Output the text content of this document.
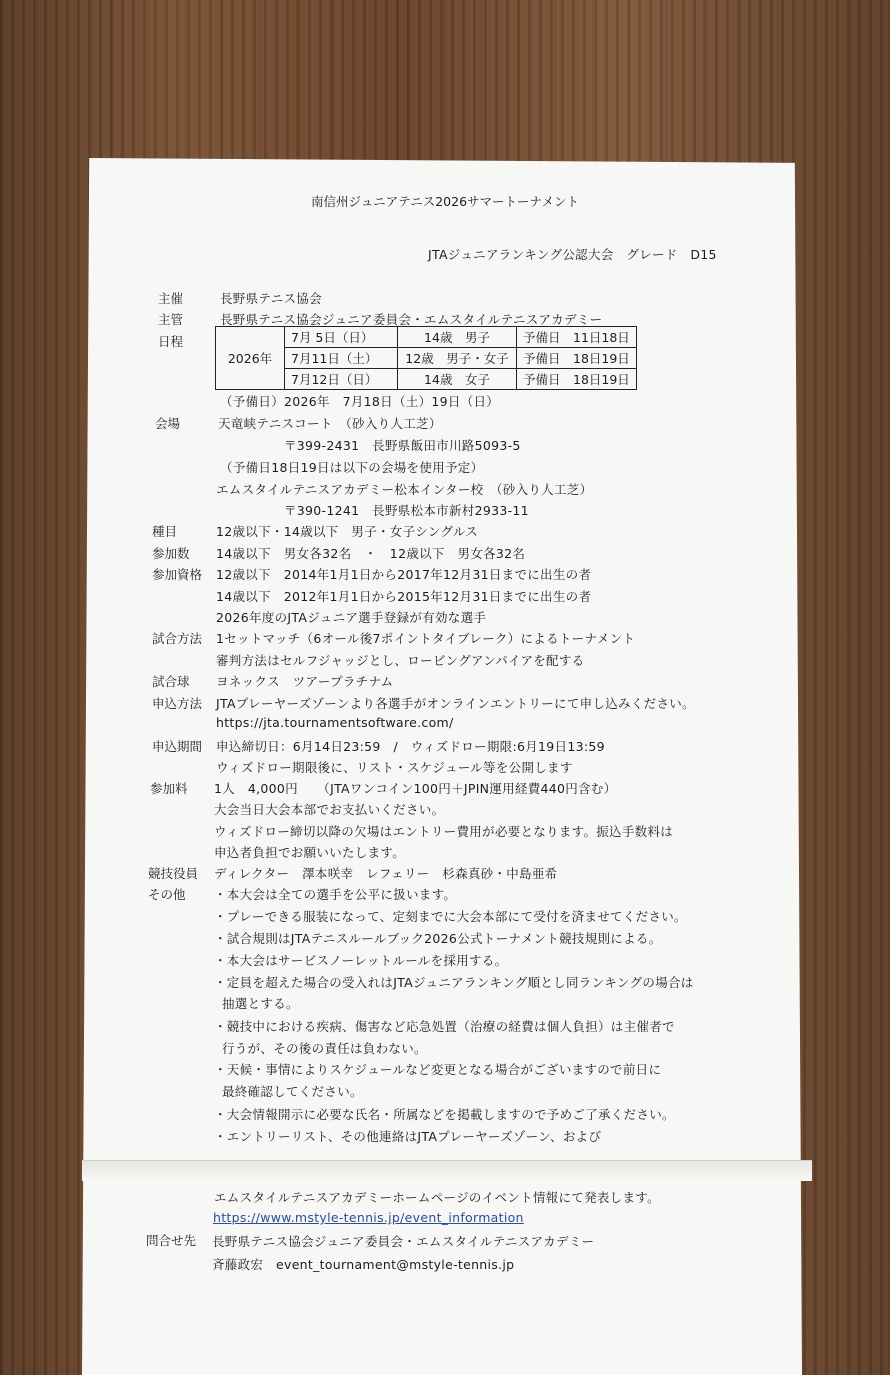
南信州ジュニアテニス2026サマートーナメント
JTAジュニアランキング公認大会　グレード　D15
主催	長野県テニス協会
主管	長野県テニス協会ジュニア委員会・エムスタイルテニスアカデミー
日程
2026年	7月 5日（日）	14歳　男子	予備日　11日18日
	7月11日（土）	12歳　男子・女子	予備日　18日19日
	7月12日（日）	14歳　女子	予備日　18日19日
（予備日）2026年　7月18日（土）19日（日）
会場	天竜峡テニスコート　（砂入り人工芝）
〒399-2431　長野県飯田市川路5093-5
（予備日18日19日は以下の会場を使用予定）
エムスタイルテニスアカデミー松本インター校　（砂入り人工芝）
〒390-1241　長野県松本市新村2933-11
種目	12歳以下・14歳以下　男子・女子シングルス
参加数 14歳以下　男女各32名　・　12歳以下　男女各32名
参加資格 12歳以下　2014年1月1日から2017年12月31日までに出生の者
14歳以下　2012年1月1日から2015年12月31日までに出生の者
2026年度のJTAジュニア選手登録が有効な選手
試合方法 1セットマッチ（6オール後7ポイントタイブレーク）によるトーナメント
審判方法はセルフジャッジとし、ロービングアンパイアを配する
試合球 ヨネックス　ツアープラチナム
申込方法 JTAプレーヤーズゾーンより各選手がオンラインエントリーにて申し込みください。
https://jta.tournamentsoftware.com/
申込期間 申込締切日：6月14日23:59　/　ウィズドロー期限:6月19日13:59
ウィズドロー期限後に、リスト・スケジュール等を公開します
参加料 1人　4,000円　　（JTAワンコイン100円＋JPIN運用経費440円含む）
大会当日大会本部でお支払いください。
ウィズドロー締切以降の欠場はエントリー費用が必要となります。振込手数料は
申込者負担でお願いいたします。
競技役員 ディレクター　澤本咲幸　レフェリー　杉森真砂・中島亜希
その他 ・本大会は全ての選手を公平に扱います。
・プレーできる服装になって、定刻までに大会本部にて受付を済ませてください。
・試合規則はJTAテニスルールブック2026公式トーナメント競技規則による。
・本大会はサービスノーレットルールを採用する。
・定員を超えた場合の受入れはJTAジュニアランキング順とし同ランキングの場合は
抽選とする。
・競技中における疾病、傷害など応急処置（治療の経費は個人負担）は主催者で
行うが、その後の責任は負わない。
・天候・事情によりスケジュールなど変更となる場合がございますので前日に
最終確認してください。
・大会情報開示に必要な氏名・所属などを掲載しますので予めご了承ください。
・エントリーリスト、その他連絡はJTAプレーヤーズゾーン、および
エムスタイルテニスアカデミーホームページのイベント情報にて発表します。
https://www.mstyle-tennis.jp/event_information
問合せ先 長野県テニス協会ジュニア委員会・エムスタイルテニスアカデミー
斉藤政宏　event_tournament@mstyle-tennis.jp
